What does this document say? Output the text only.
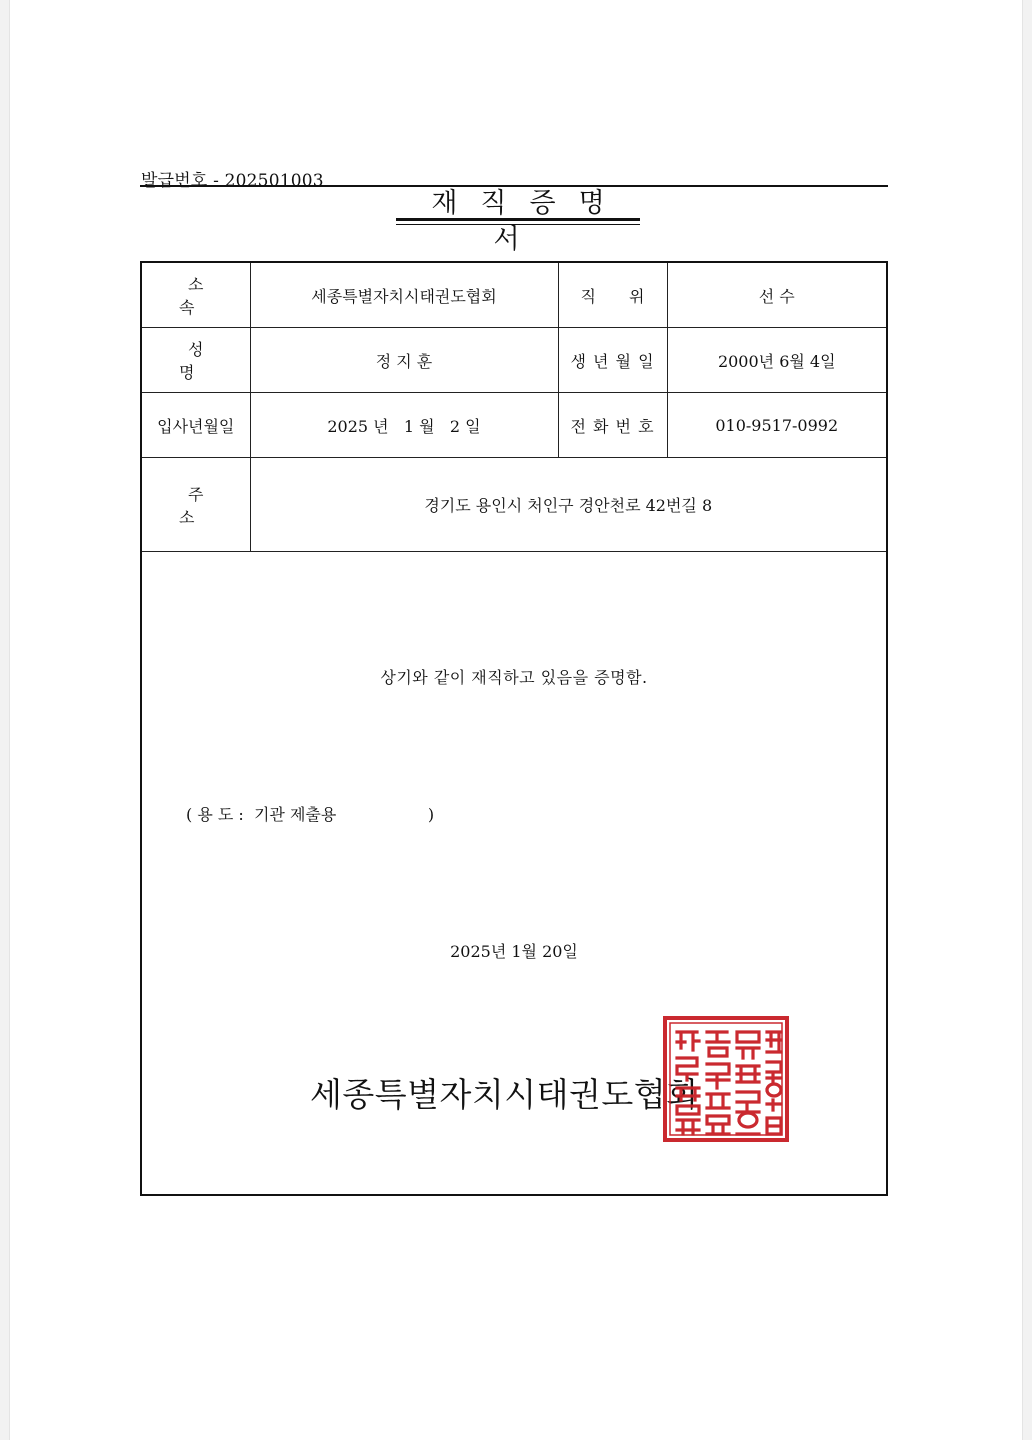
발급번호 - 202501003
재직증명서
소 속	세종특별자치시태권도협회	직 위	선 수
성 명	정 지 훈	생 년 월 일	2000년 6월 4일
입사년월일	2025 년   1 월   2 일	전 화 번 호	010-9517-0992
주 소	경기도 용인시 처인구 경안천로 42번길 8		
상기와 같이 재직하고 있음을 증명함.
( 용 도 :  기관 제출용                  )
2025년 1월 20일
세종특별자치시태권도협회
